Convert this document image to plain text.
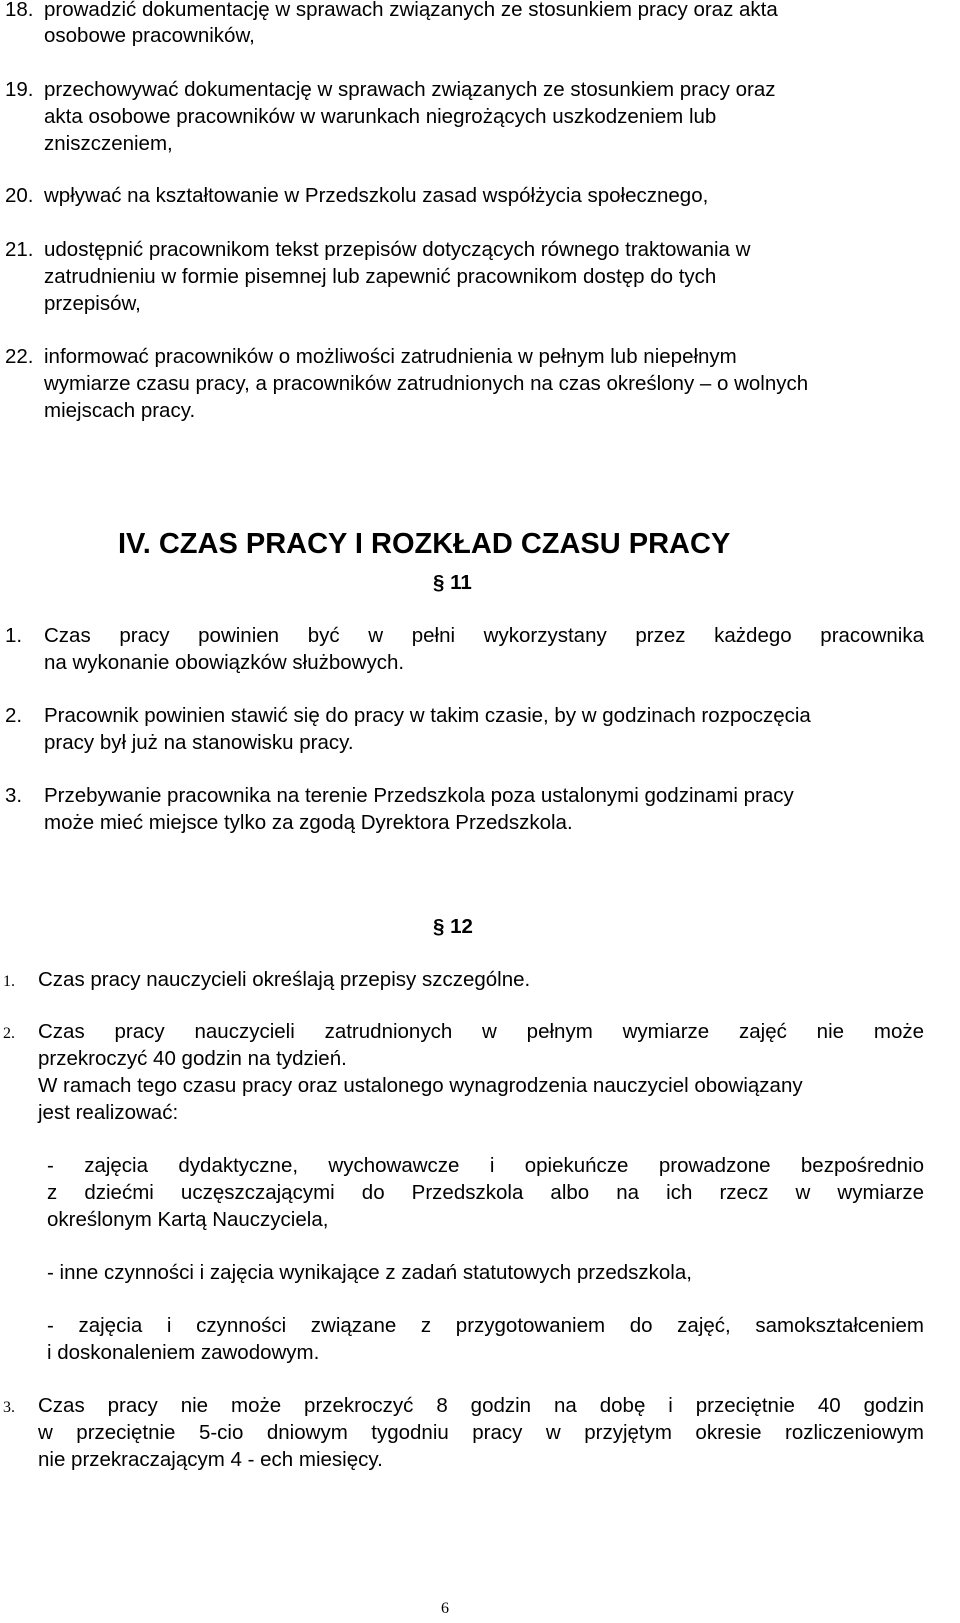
18. prowadzić dokumentację w sprawach związanych ze stosunkiem pracy oraz akta
osobowe pracowników,
19. przechowywać dokumentację w sprawach związanych ze stosunkiem pracy oraz
akta osobowe pracowników w warunkach niegrożących uszkodzeniem lub
zniszczeniem,
20. wpływać na kształtowanie w Przedszkolu zasad współżycia społecznego,
21. udostępnić pracownikom tekst przepisów dotyczących równego traktowania w
zatrudnieniu w formie pisemnej lub zapewnić pracownikom dostęp do tych
przepisów,
22. informować pracowników o możliwości zatrudnienia w pełnym lub niepełnym
wymiarze czasu pracy, a pracowników zatrudnionych na czas określony – o wolnych
miejscach pracy.
IV. CZAS PRACY I ROZKŁAD CZASU PRACY
§ 11
1. Czas pracy powinien być w pełni wykorzystany przez każdego pracownika
na wykonanie obowiązków służbowych.
2. Pracownik powinien stawić się do pracy w takim czasie, by w godzinach rozpoczęcia
pracy był już na stanowisku pracy.
3. Przebywanie pracownika na terenie Przedszkola poza ustalonymi godzinami pracy
może mieć miejsce tylko za zgodą Dyrektora Przedszkola.
§ 12
1. Czas pracy nauczycieli określają przepisy szczególne.
2. Czas pracy nauczycieli zatrudnionych w pełnym wymiarze zajęć nie może
przekroczyć 40 godzin na tydzień.
W ramach tego czasu pracy oraz ustalonego wynagrodzenia nauczyciel obowiązany
jest realizować:
- zajęcia dydaktyczne, wychowawcze i opiekuńcze prowadzone bezpośrednio
z dziećmi uczęszczającymi do Przedszkola albo na ich rzecz w wymiarze
określonym Kartą Nauczyciela,
- inne czynności i zajęcia wynikające z zadań statutowych przedszkola,
- zajęcia i czynności związane z przygotowaniem do zajęć, samokształceniem
i doskonaleniem zawodowym.
3. Czas pracy nie może przekroczyć 8 godzin na dobę i przeciętnie 40 godzin
w przeciętnie 5-cio dniowym tygodniu pracy w przyjętym okresie rozliczeniowym
nie przekraczającym 4 - ech miesięcy.
6
